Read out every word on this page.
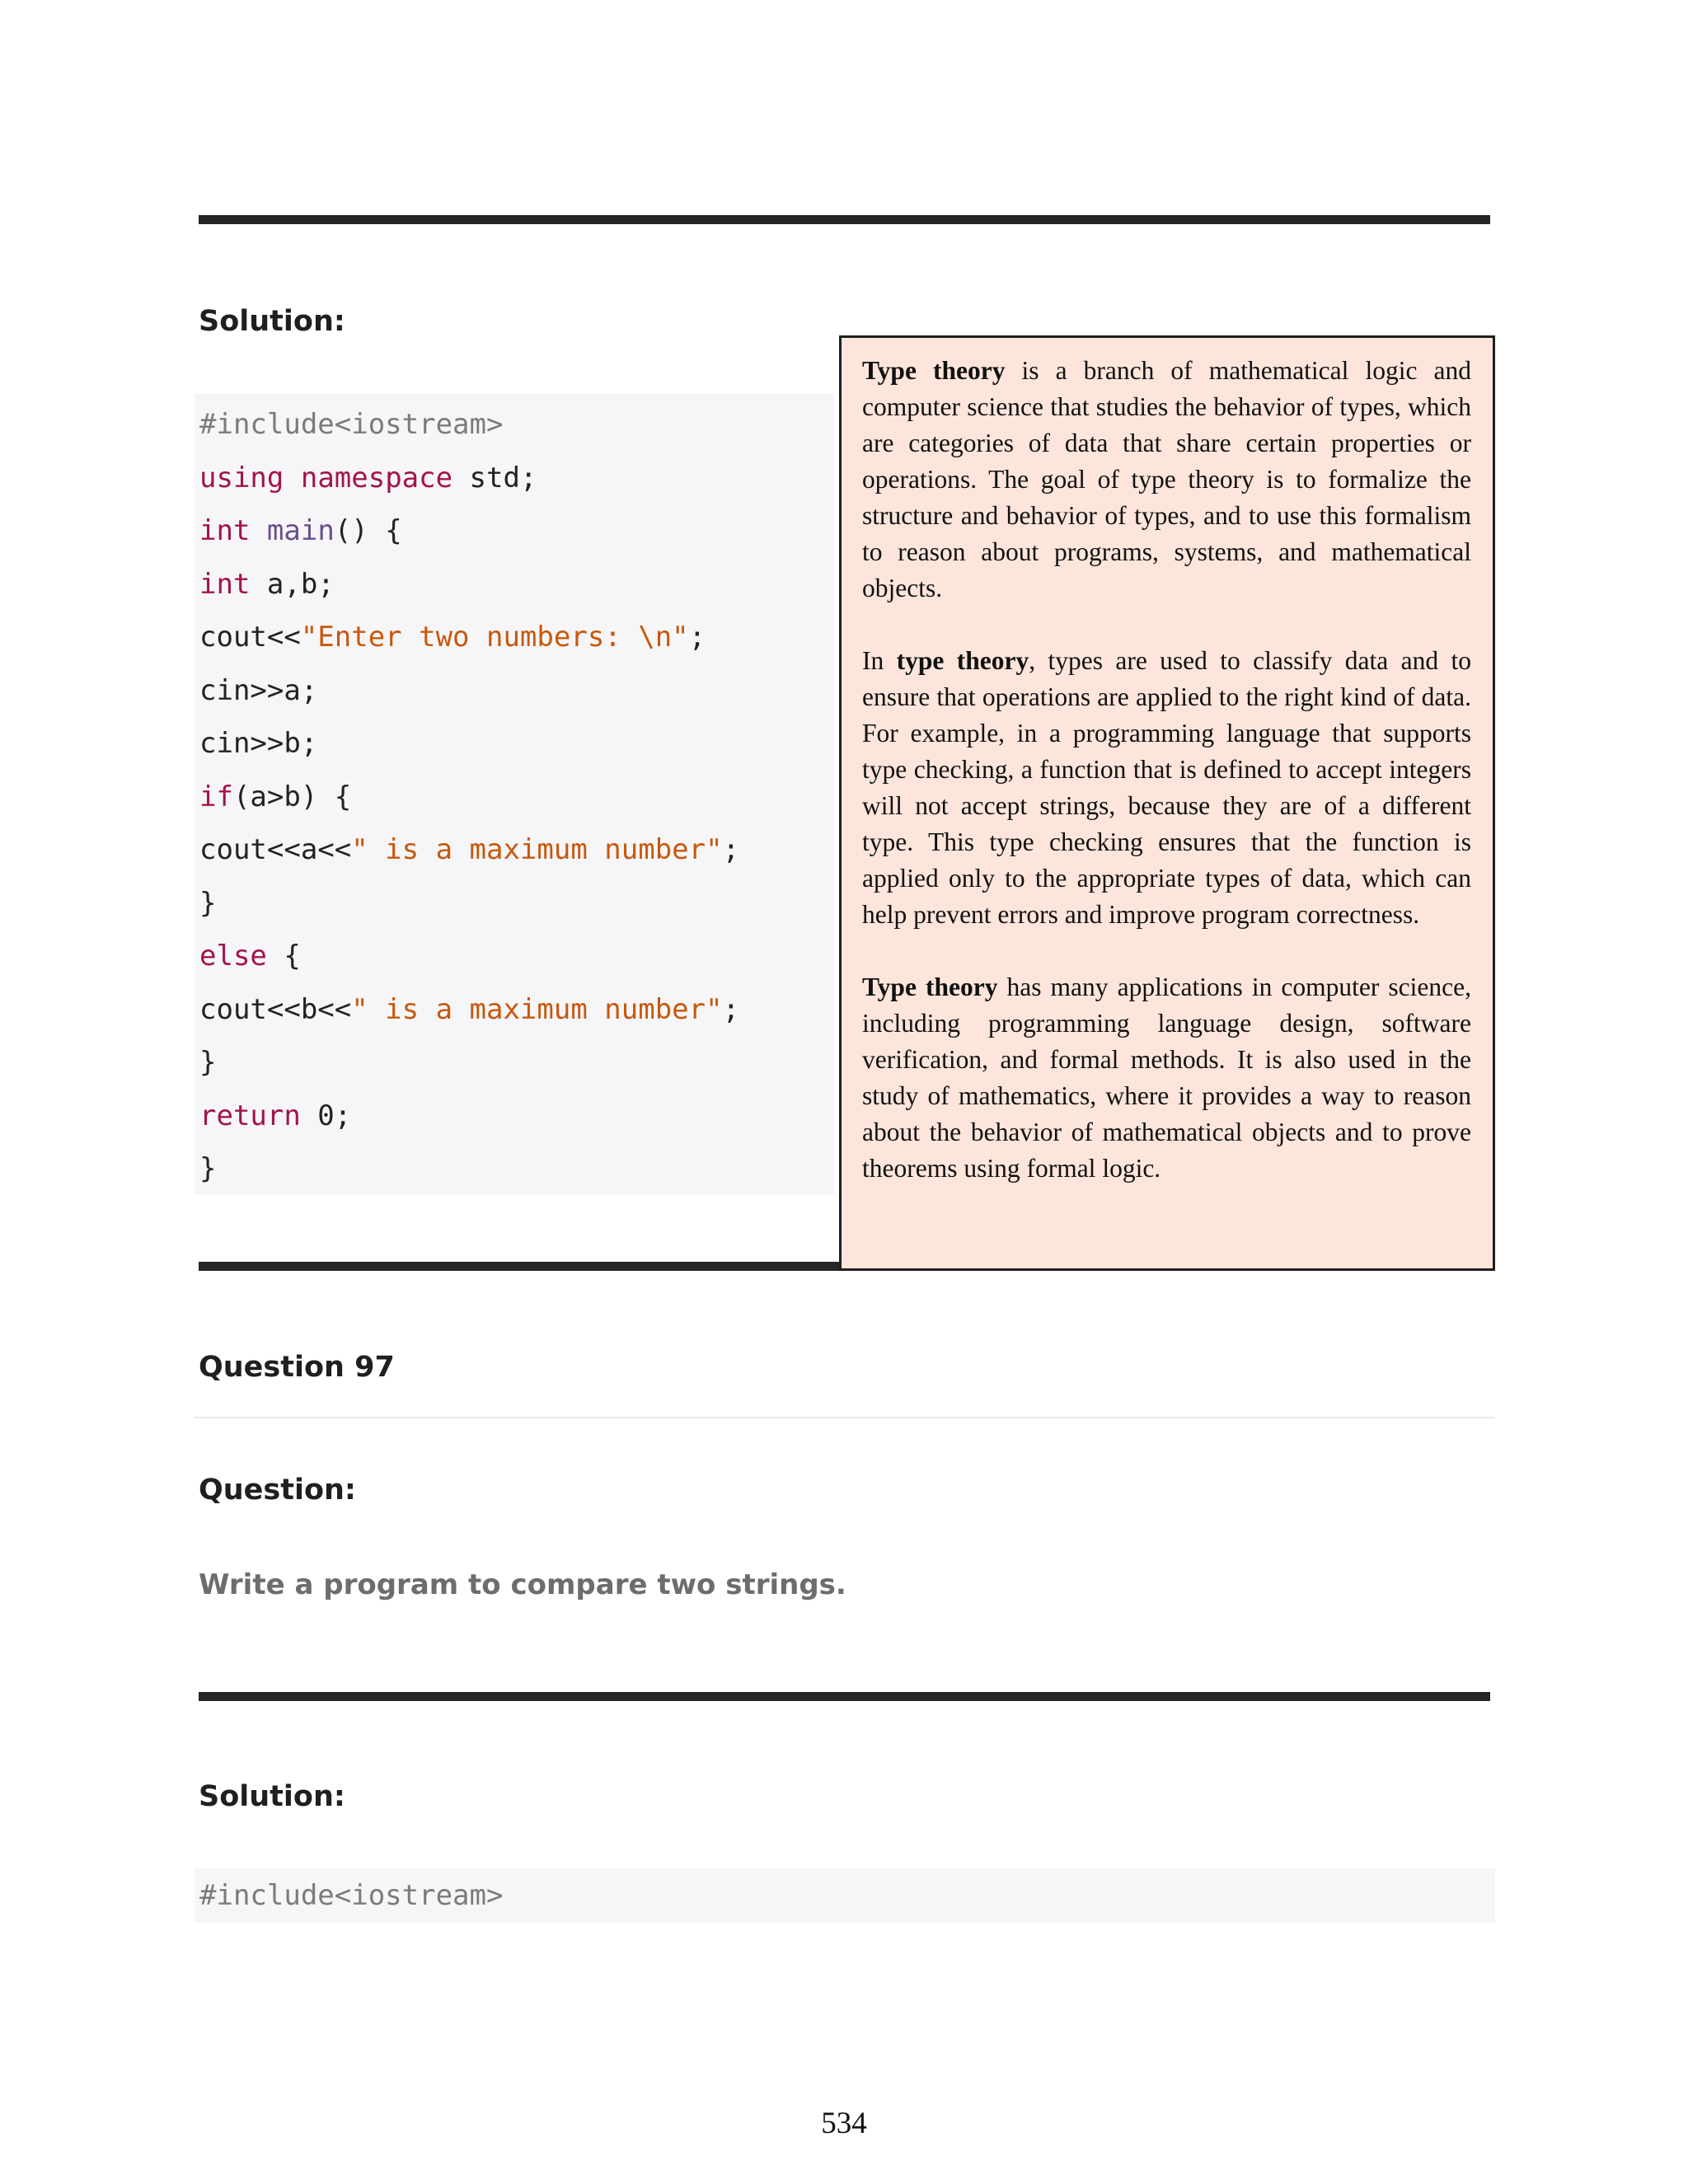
Solution:
#include<iostream>
using namespace std;
int main() {
int a,b;
cout<<"Enter two numbers: \n";
cin>>a;
cin>>b;
if(a>b) {
cout<<a<<" is a maximum number";
}
else {
cout<<b<<" is a maximum number";
}
return 0;
}

Type theory is a branch of mathematical logic and computer science that studies the behavior of types, which are categories of data that share certain properties or operations. The goal of type theory is to formalize the structure and behavior of types, and to use this formalism to reason about programs, systems, and mathematical objects.

In type theory, types are used to classify data and to ensure that operations are applied to the right kind of data. For example, in a programming language that supports type checking, a function that is defined to accept integers will not accept strings, because they are of a different type. This type checking ensures that the function is applied only to the appropriate types of data, which can help prevent errors and improve program correctness.

Type theory has many applications in computer science, including programming language design, software verification, and formal methods. It is also used in the study of mathematics, where it provides a way to reason about the behavior of mathematical objects and to prove theorems using formal logic.

Question 97
Question:
Write a program to compare two strings.
Solution:
#include<iostream>
534
